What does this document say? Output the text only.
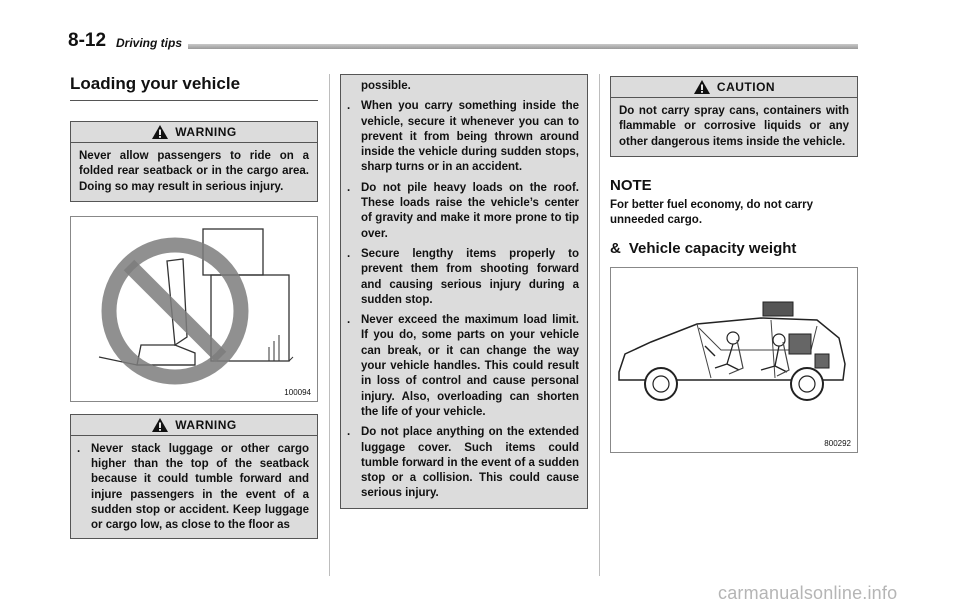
8-12 Driving tips
Loading your vehicle
WARNING

Never allow passengers to ride on a folded rear seatback or in the cargo area. Doing so may result in serious injury.

100094
WARNING
. Never stack luggage or other cargo higher than the top of the seatback because it could tumble forward and injure passengers in the event of a sudden stop or accident. Keep luggage or cargo low, as close to the floor as
possible.
. When you carry something inside the vehicle, secure it whenever you can to prevent it from being thrown around inside the vehicle during sudden stops, sharp turns or in an accident.
. Do not pile heavy loads on the roof. These loads raise the vehicle’s center of gravity and make it more prone to tip over.
. Secure lengthy items properly to prevent them from shooting forward and causing serious injury during a sudden stop.
. Never exceed the maximum load limit. If you do, some parts on your vehicle can break, or it can change the way your vehicle handles. This could result in loss of control and cause personal injury. Also, overloading can shorten the life of your vehicle.
. Do not place anything on the extended luggage cover. Such items could tumble forward in the event of a sudden stop or a collision. This could cause serious injury.
CAUTION

Do not carry spray cans, containers with flammable or corrosive liquids or any other dangerous items inside the vehicle.

NOTE
For better fuel economy, do not carry unneeded cargo.
& Vehicle capacity weight
800292
carmanualsonline.info
